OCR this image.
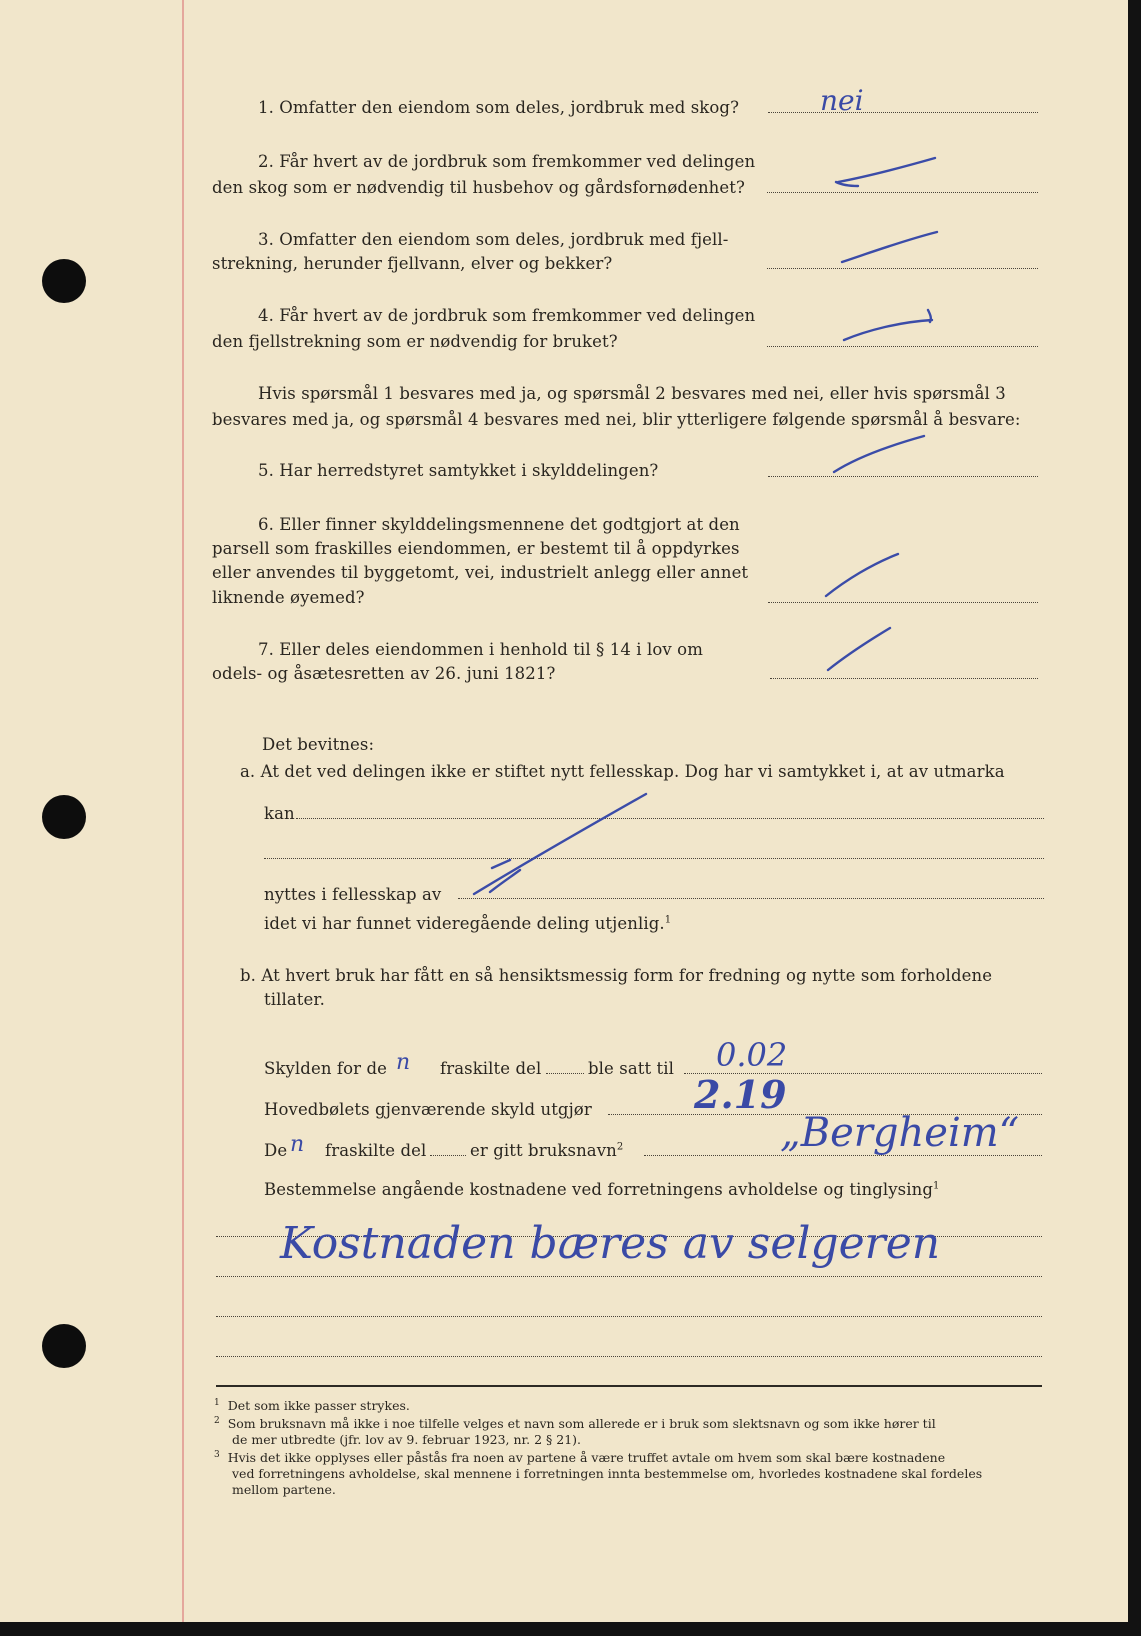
1. Omfatter den eiendom som deles, jordbruk med skog?	nei
2. Får hvert av de jordbruk som fremkommer ved delingen
den skog som er nødvendig til husbehov og gårdsfornødenhet?
3. Omfatter den eiendom som deles, jordbruk med fjell-
strekning, herunder fjellvann, elver og bekker?
4. Får hvert av de jordbruk som fremkommer ved delingen
den fjellstrekning som er nødvendig for bruket?
Hvis spørsmål 1 besvares med ja, og spørsmål 2 besvares med nei, eller hvis spørsmål 3
besvares med ja, og spørsmål 4 besvares med nei, blir ytterligere følgende spørsmål å besvare:
5. Har herredstyret samtykket i skylddelingen?
6. Eller finner skylddelingsmennene det godtgjort at den
parsell som fraskilles eiendommen, er bestemt til å oppdyrkes
eller anvendes til byggetomt, vei, industrielt anlegg eller annet
liknende øyemed?
7. Eller deles eiendommen i henhold til § 14 i lov om
odels- og åsætesretten av 26. juni 1821?
Det bevitnes:
a. At det ved delingen ikke er stiftet nytt fellesskap. Dog har vi samtykket i, at av utmarka
kan
nyttes i fellesskap av
idet vi har funnet videregående deling utjenlig.$^1$
b. At hvert bruk har fått en så hensiktsmessig form for fredning og nytte som forholdene
tillater.
Skylden for de n fraskilte del	ble satt til 0.02
Hovedbølets gjenværende skyld utgjør	2.19
De n fraskilte del	er gitt bruksnavn$^2$	„Bergheim“
Bestemmelse angående kostnadene ved forretningens avholdelse og tinglysing$^1$
Kostnaden bæres av selgeren
$^1$ Det som ikke passer strykes.
$^2$ Som bruksnavn må ikke i noe tilfelle velges et navn som allerede er i bruk som slektsnavn og som ikke hører til
de mer utbredte (jfr. lov av 9. februar 1923, nr. 2 § 21).
$^3$ Hvis det ikke opplyses eller påstås fra noen av partene å være truffet avtale om hvem som skal bære kostnadene
ved forretningens avholdelse, skal mennene i forretningen innta bestemmelse om, hvorledes kostnadene skal fordeles
mellom partene.
